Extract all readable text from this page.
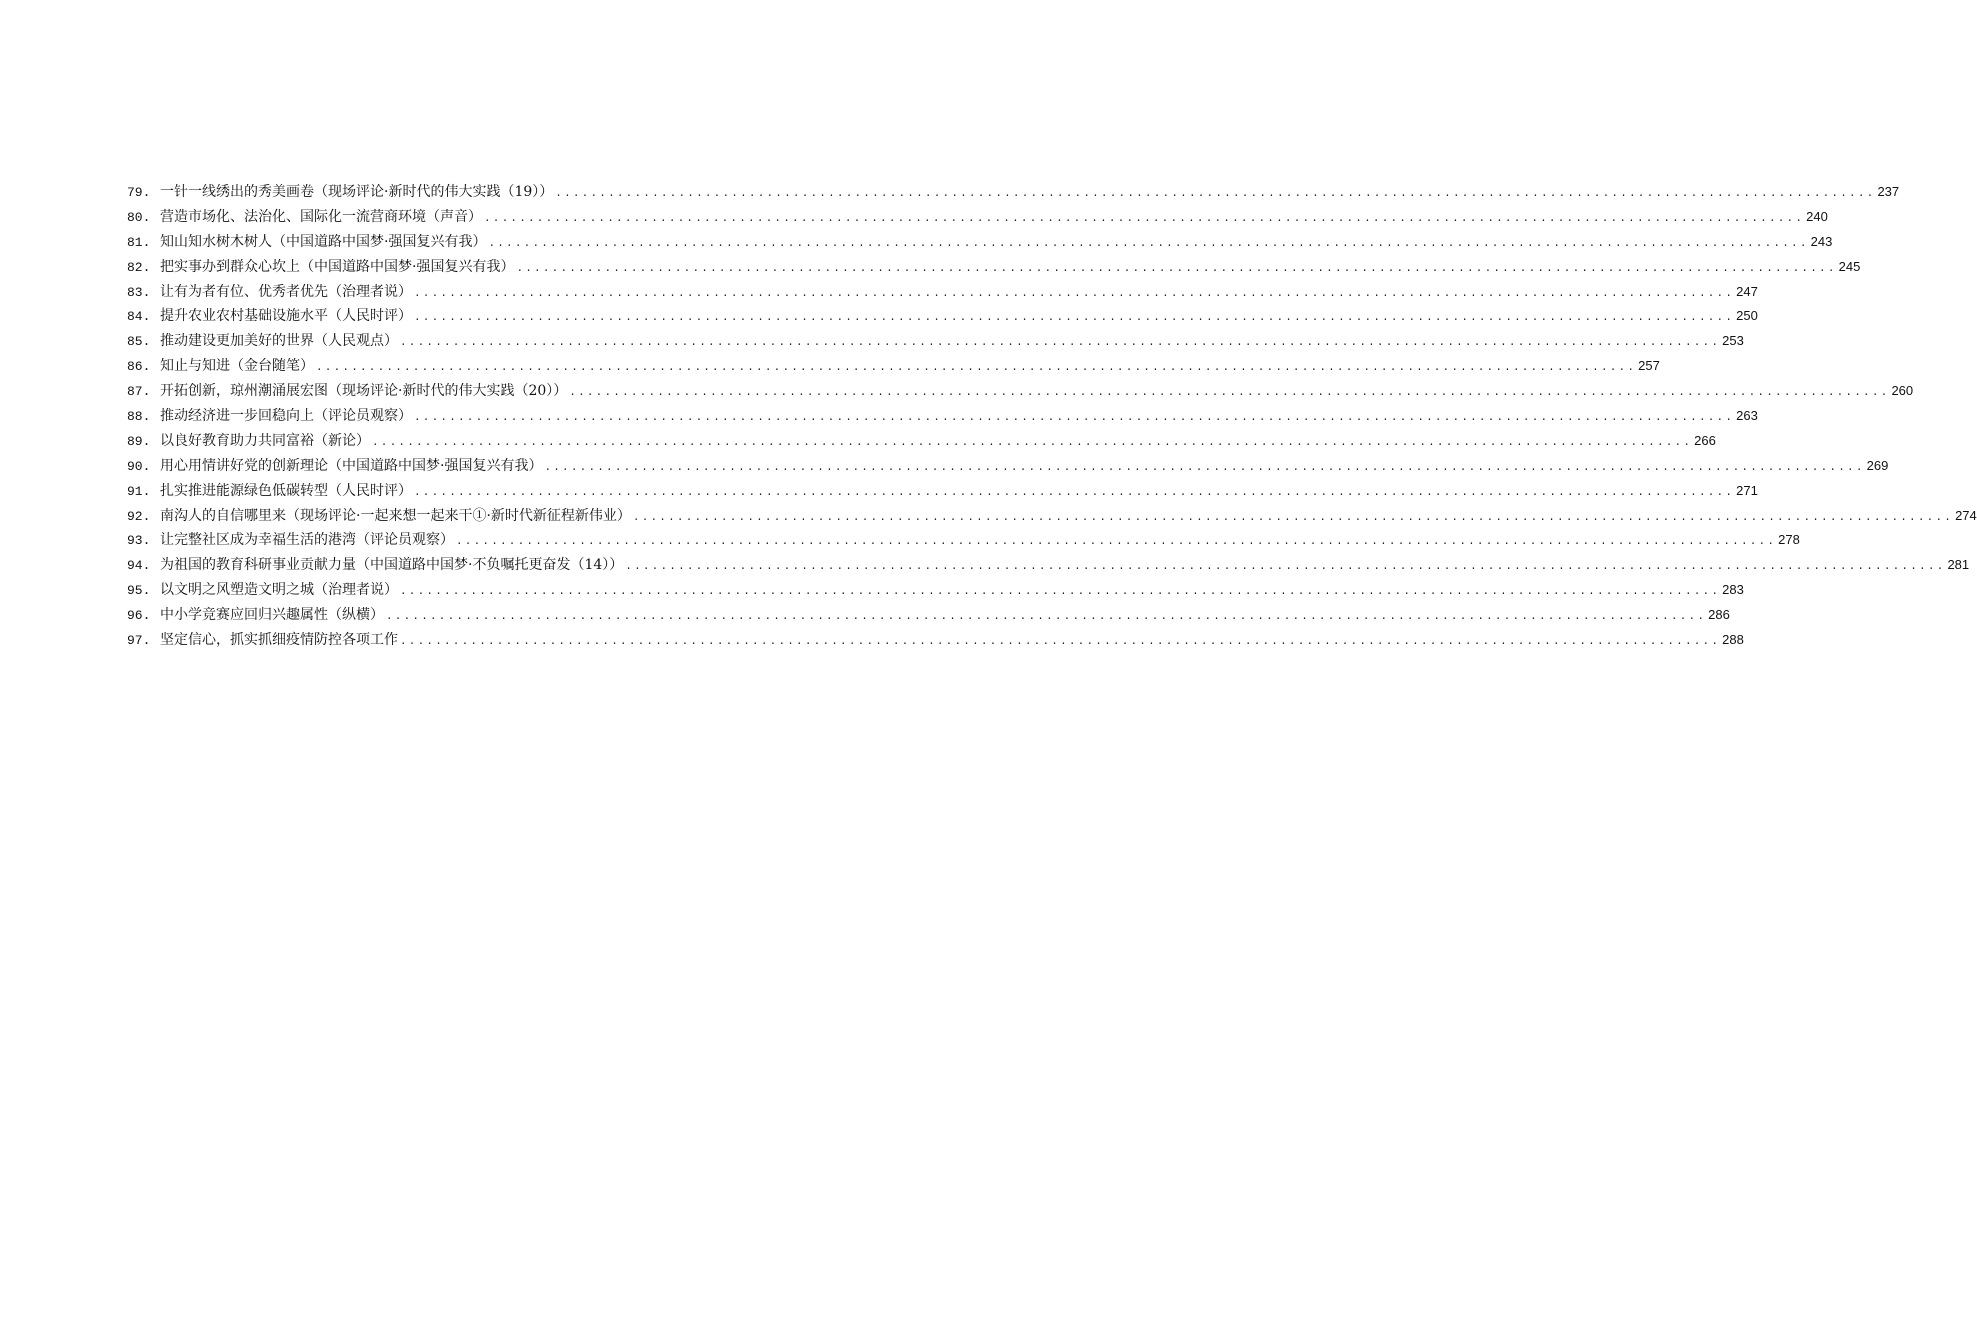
79. 一针一线绣出的秀美画卷（现场评论·新时代的伟大实践（19）） .....	237
80. 营造市场化、法治化、国际化一流营商环境（声音） .....	240
81. 知山知水树木树人（中国道路中国梦·强国复兴有我） .....	243
82. 把实事办到群众心坎上（中国道路中国梦·强国复兴有我） .....	245
83. 让有为者有位、优秀者优先（治理者说） .....	247
84. 提升农业农村基础设施水平（人民时评） .....	250
85. 推动建设更加美好的世界（人民观点） .....	253
86. 知止与知进（金台随笔） .....	257
87. 开拓创新，琼州潮涌展宏图（现场评论·新时代的伟大实践（20）） .....	260
88. 推动经济进一步回稳向上（评论员观察） .....	263
89. 以良好教育助力共同富裕（新论） .....	266
90. 用心用情讲好党的创新理论（中国道路中国梦·强国复兴有我） .....	269
91. 扎实推进能源绿色低碳转型（人民时评） .....	271
92. 南沟人的自信哪里来（现场评论·一起来想一起来干①·新时代新征程新伟业） .....	274
93. 让完整社区成为幸福生活的港湾（评论员观察） .....	278
94. 为祖国的教育科研事业贡献力量（中国道路中国梦·不负嘱托更奋发（14）） .....	281
95. 以文明之风塑造文明之城（治理者说） .....	283
96. 中小学竞赛应回归兴趣属性（纵横） .....	286
97. 坚定信心，抓实抓细疫情防控各项工作 .....	288
